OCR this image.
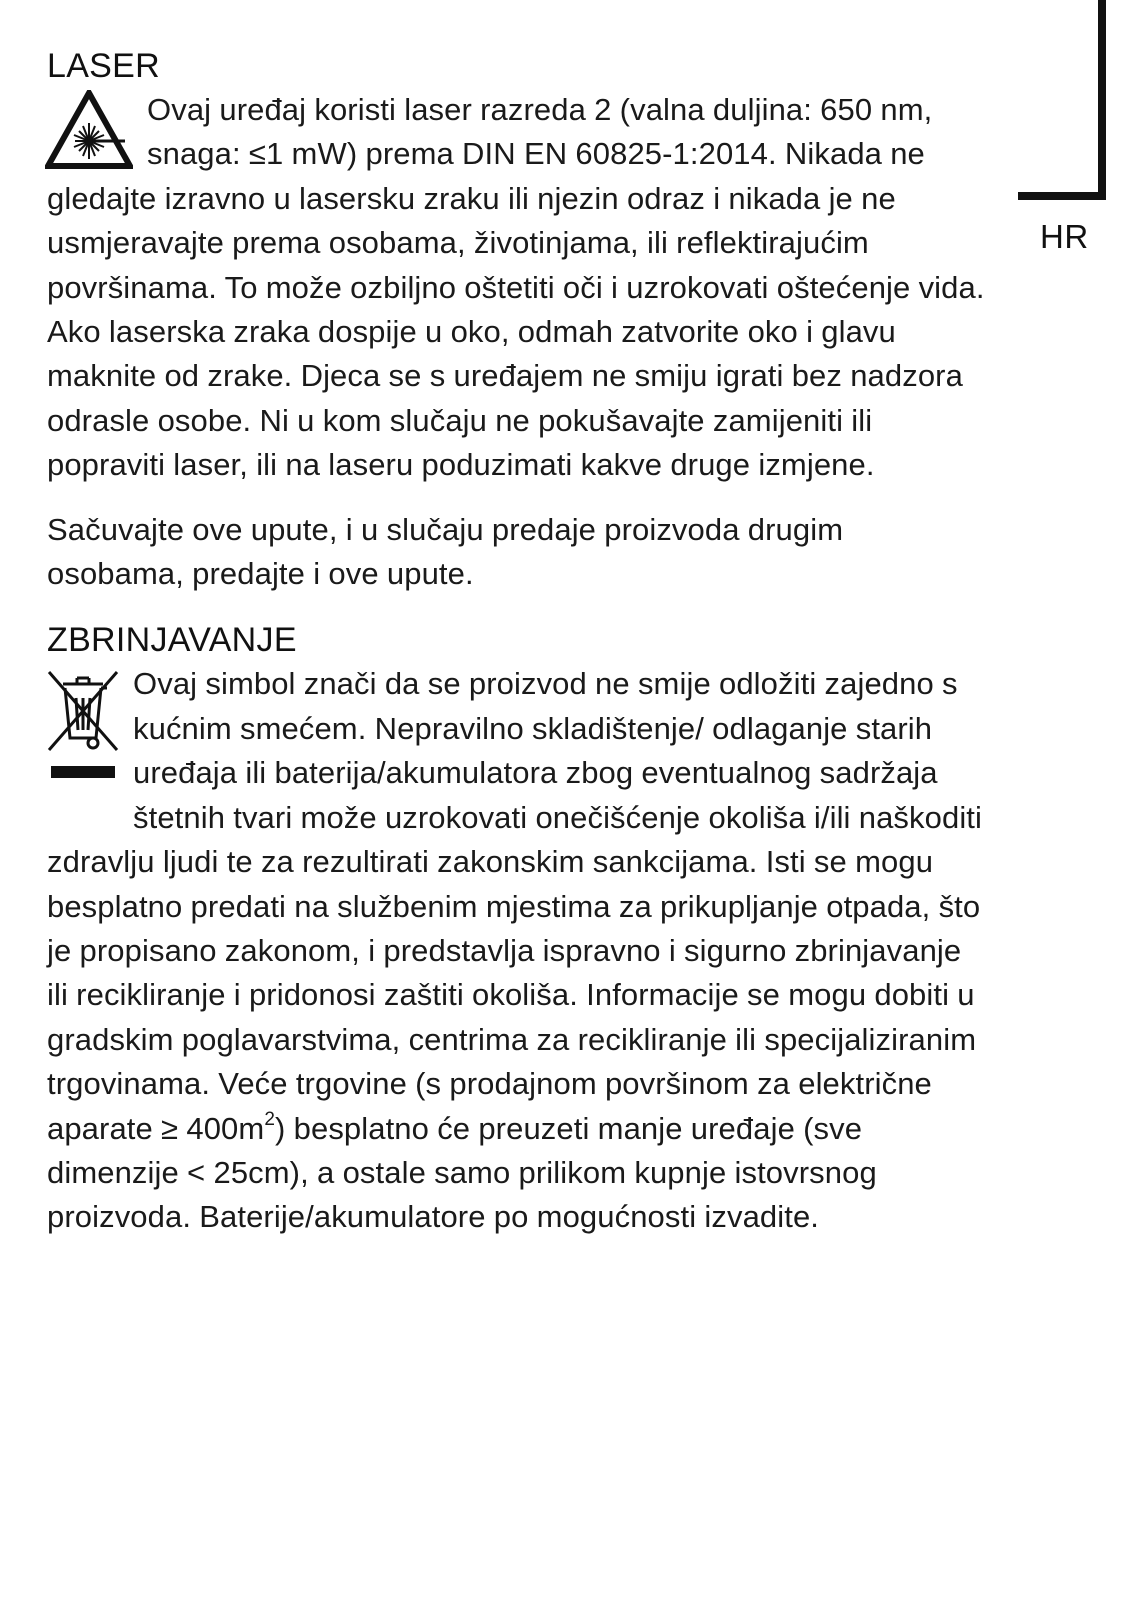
HR
LASER
Ovaj uređaj koristi laser razreda 2 (valna duljina: 650 nm, snaga: ≤1 mW) prema DIN EN 60825-1:2014. Nikada ne gledajte izravno u lasersku zraku ili njezin odraz i nikada je ne usmjeravajte prema osobama, životinjama, ili reflektirajućim površinama. To može ozbiljno oštetiti oči i uzrokovati oštećenje vida. Ako laserska zraka dospije u oko, odmah zatvorite oko i glavu maknite od zrake. Djeca se s uređajem ne smiju igrati bez nadzora odrasle osobe. Ni u kom slučaju ne pokušavajte zamijeniti ili popraviti laser, ili na laseru poduzimati kakve druge izmjene.

Sačuvajte ove upute, i u slučaju predaje proizvoda drugim osobama, predajte i ove upute.

ZBRINJAVANJE
Ovaj simbol znači da se proizvod ne smije odložiti zajedno s kućnim smećem. Nepravilno skladištenje/ odlaganje starih uređaja ili baterija/akumulatora zbog eventualnog sadržaja štetnih tvari može uzrokovati onečišćenje okoliša i/ili naškoditi zdravlju ljudi te za rezultirati zakonskim sankcijama. Isti se mogu besplatno predati na službenim mjestima za prikupljanje otpada, što je propisano zakonom, i predstavlja ispravno i sigurno zbrinjavanje ili recikliranje i pridonosi zaštiti okoliša. Informacije se mogu dobiti u gradskim poglavarstvima, centrima za recikliranje ili specijaliziranim trgovinama. Veće trgovine (s prodajnom površinom za električne aparate ≥ $400m^2$) besplatno će preuzeti manje uređaje (sve dimenzije < 25cm), a ostale samo prilikom kupnje istovrsnog proizvoda. Baterije/akumulatore po mogućnosti izvadite.
